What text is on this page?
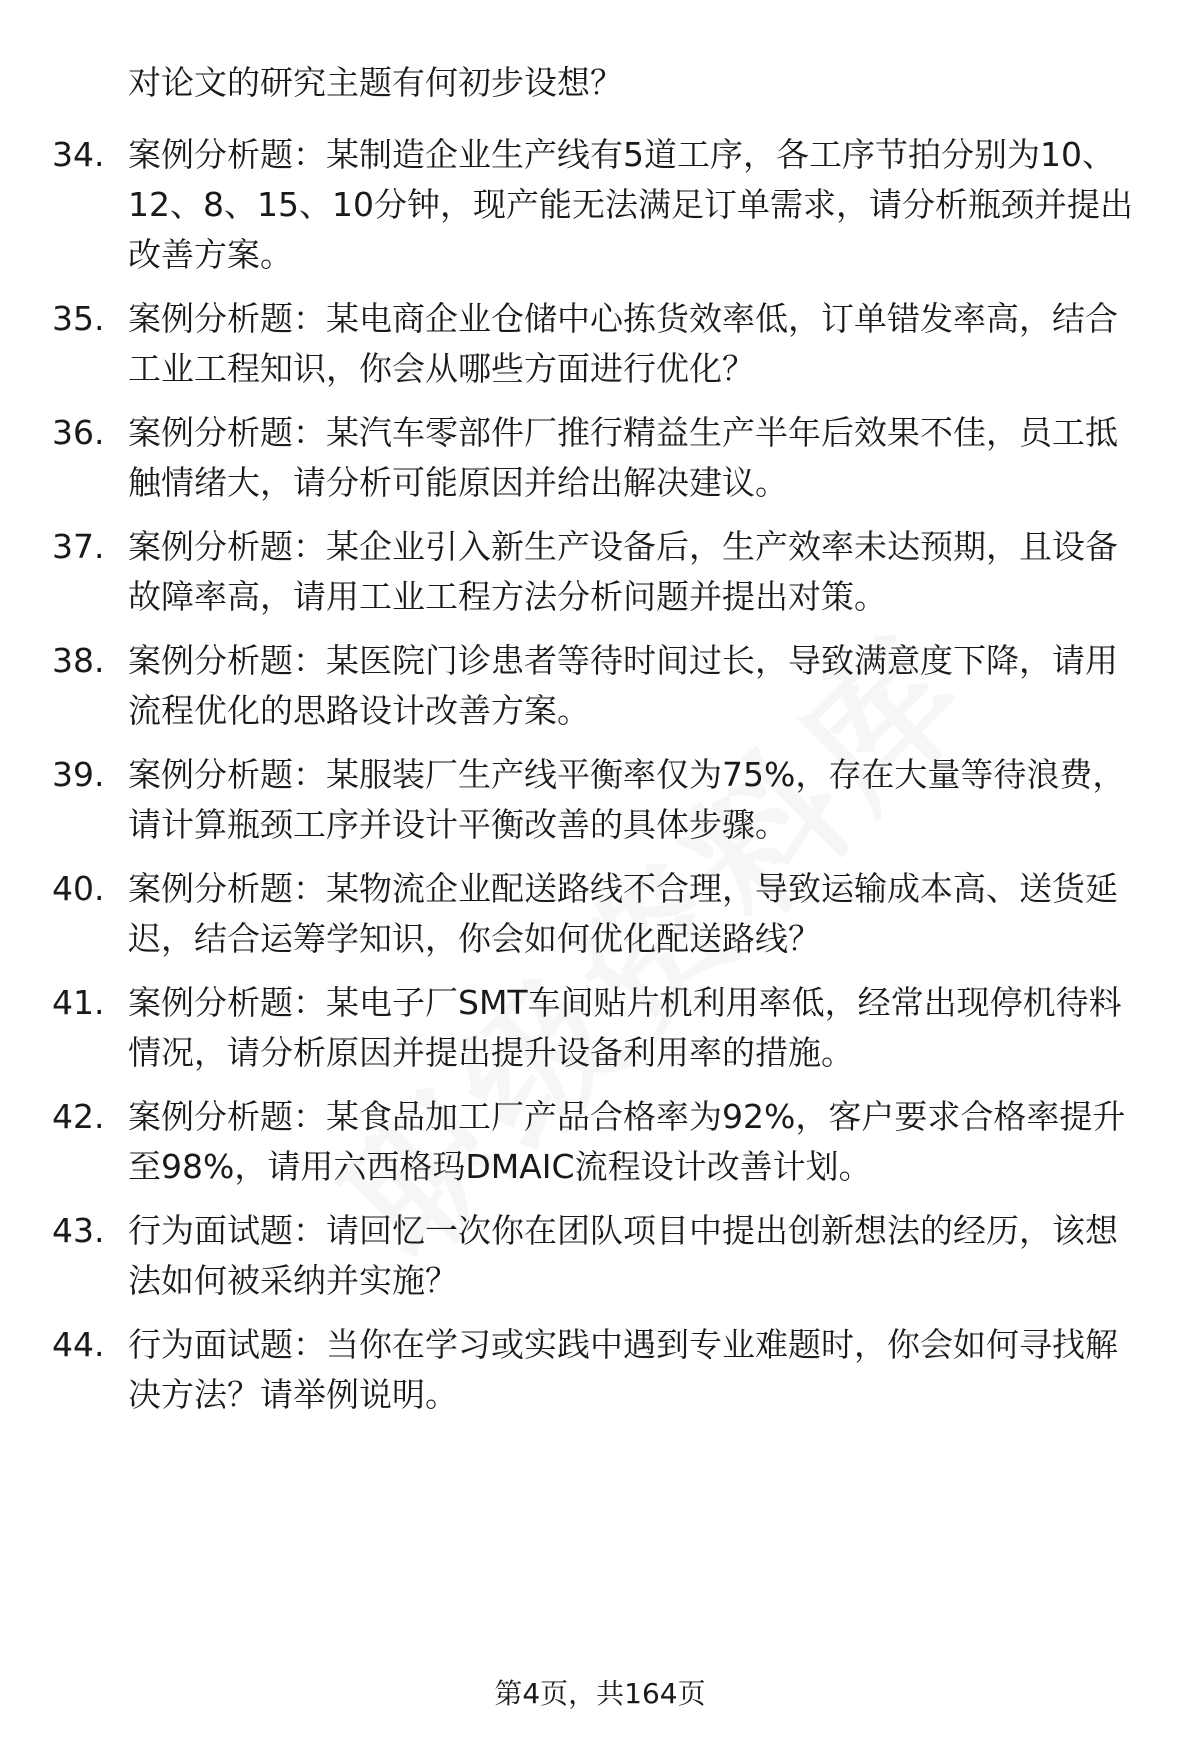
对论文的研究主题有何初步设想？
34. 案例分析题：某制造企业生产线有5道工序，各工序节拍分别为10、12、8、15、10分钟，现产能无法满足订单需求，请分析瓶颈并提出改善方案。
35. 案例分析题：某电商企业仓储中心拣货效率低，订单错发率高，结合工业工程知识，你会从哪些方面进行优化？
36. 案例分析题：某汽车零部件厂推行精益生产半年后效果不佳，员工抵触情绪大，请分析可能原因并给出解决建议。
37. 案例分析题：某企业引入新生产设备后，生产效率未达预期，且设备故障率高，请用工业工程方法分析问题并提出对策。
38. 案例分析题：某医院门诊患者等待时间过长，导致满意度下降，请用流程优化的思路设计改善方案。
39. 案例分析题：某服装厂生产线平衡率仅为75%，存在大量等待浪费，请计算瓶颈工序并设计平衡改善的具体步骤。
40. 案例分析题：某物流企业配送路线不合理，导致运输成本高、送货延迟，结合运筹学知识，你会如何优化配送路线？
41. 案例分析题：某电子厂SMT车间贴片机利用率低，经常出现停机待料情况，请分析原因并提出提升设备利用率的措施。
42. 案例分析题：某食品加工厂产品合格率为92%，客户要求合格率提升至98%，请用六西格玛DMAIC流程设计改善计划。
43. 行为面试题：请回忆一次你在团队项目中提出创新想法的经历，该想法如何被采纳并实施？
44. 行为面试题：当你在学习或实践中遇到专业难题时，你会如何寻找解决方法？请举例说明。
第4页，共164页
